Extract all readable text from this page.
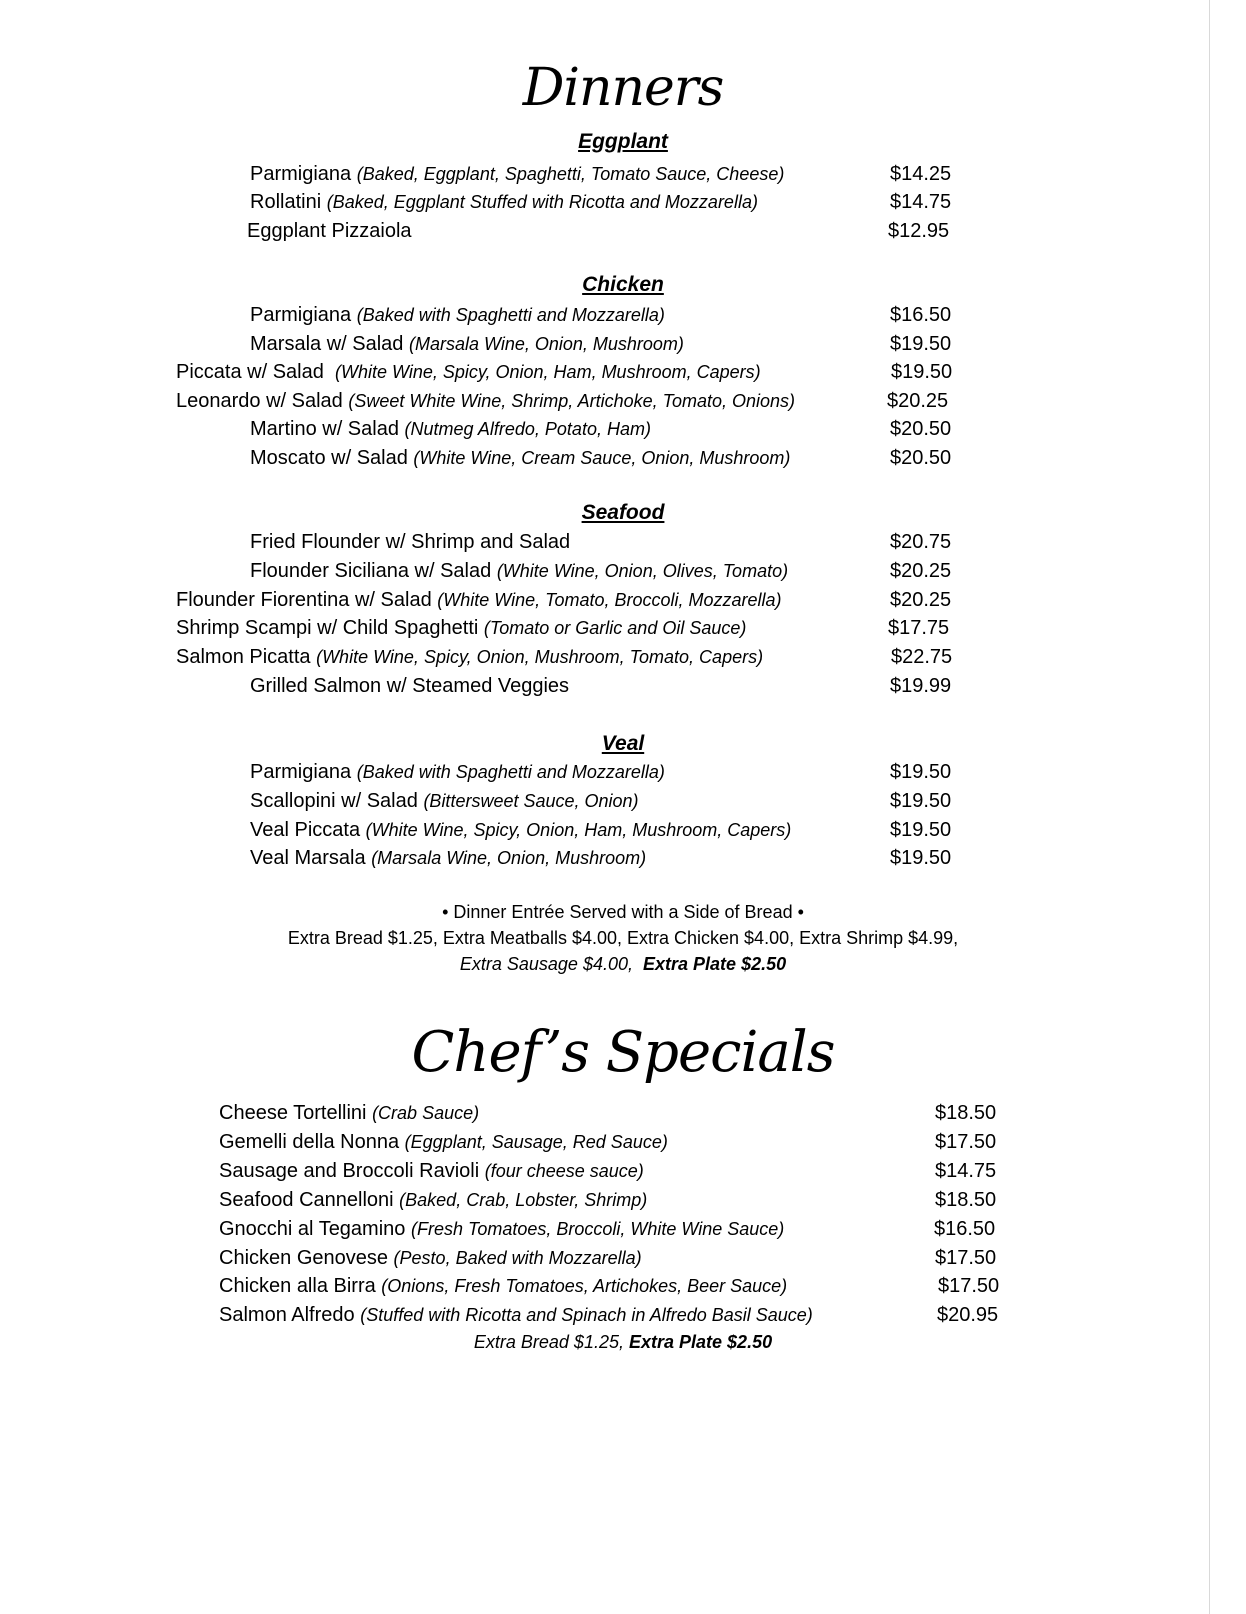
Dinners
Eggplant
Parmigiana (Baked, Eggplant, Spaghetti, Tomato Sauce, Cheese)	$14.25
Rollatini (Baked, Eggplant Stuffed with Ricotta and Mozzarella)	$14.75
Eggplant Pizzaiola	$12.95
Chicken
Parmigiana (Baked with Spaghetti and Mozzarella)	$16.50
Marsala w/ Salad (Marsala Wine, Onion, Mushroom)	$19.50
Piccata w/ Salad (White Wine, Spicy, Onion, Ham, Mushroom, Capers)	$19.50
Leonardo w/ Salad (Sweet White Wine, Shrimp, Artichoke, Tomato, Onions)	$20.25
Martino w/ Salad (Nutmeg Alfredo, Potato, Ham)	$20.50
Moscato w/ Salad (White Wine, Cream Sauce, Onion, Mushroom)	$20.50
Seafood
Fried Flounder w/ Shrimp and Salad	$20.75
Flounder Siciliana w/ Salad (White Wine, Onion, Olives, Tomato)	$20.25
Flounder Fiorentina w/ Salad (White Wine, Tomato, Broccoli, Mozzarella)	$20.25
Shrimp Scampi w/ Child Spaghetti (Tomato or Garlic and Oil Sauce)	$17.75
Salmon Picatta (White Wine, Spicy, Onion, Mushroom, Tomato, Capers)	$22.75
Grilled Salmon w/ Steamed Veggies	$19.99
Veal
Parmigiana (Baked with Spaghetti and Mozzarella)	$19.50
Scallopini w/ Salad (Bittersweet Sauce, Onion)	$19.50
Veal Piccata (White Wine, Spicy, Onion, Ham, Mushroom, Capers)	$19.50
Veal Marsala (Marsala Wine, Onion, Mushroom)	$19.50
• Dinner Entrée Served with a Side of Bread •
Extra Bread $1.25, Extra Meatballs $4.00, Extra Chicken $4.00, Extra Shrimp $4.99,
Extra Sausage $4.00, Extra Plate $2.50
Chef’s Specials
Cheese Tortellini (Crab Sauce)	$18.50
Gemelli della Nonna (Eggplant, Sausage, Red Sauce)	$17.50
Sausage and Broccoli Ravioli (four cheese sauce)	$14.75
Seafood Cannelloni (Baked, Crab, Lobster, Shrimp)	$18.50
Gnocchi al Tegamino (Fresh Tomatoes, Broccoli, White Wine Sauce)	$16.50
Chicken Genovese (Pesto, Baked with Mozzarella)	$17.50
Chicken alla Birra (Onions, Fresh Tomatoes, Artichokes, Beer Sauce)	$17.50
Salmon Alfredo (Stuffed with Ricotta and Spinach in Alfredo Basil Sauce)	$20.95
Extra Bread $1.25, Extra Plate $2.50
